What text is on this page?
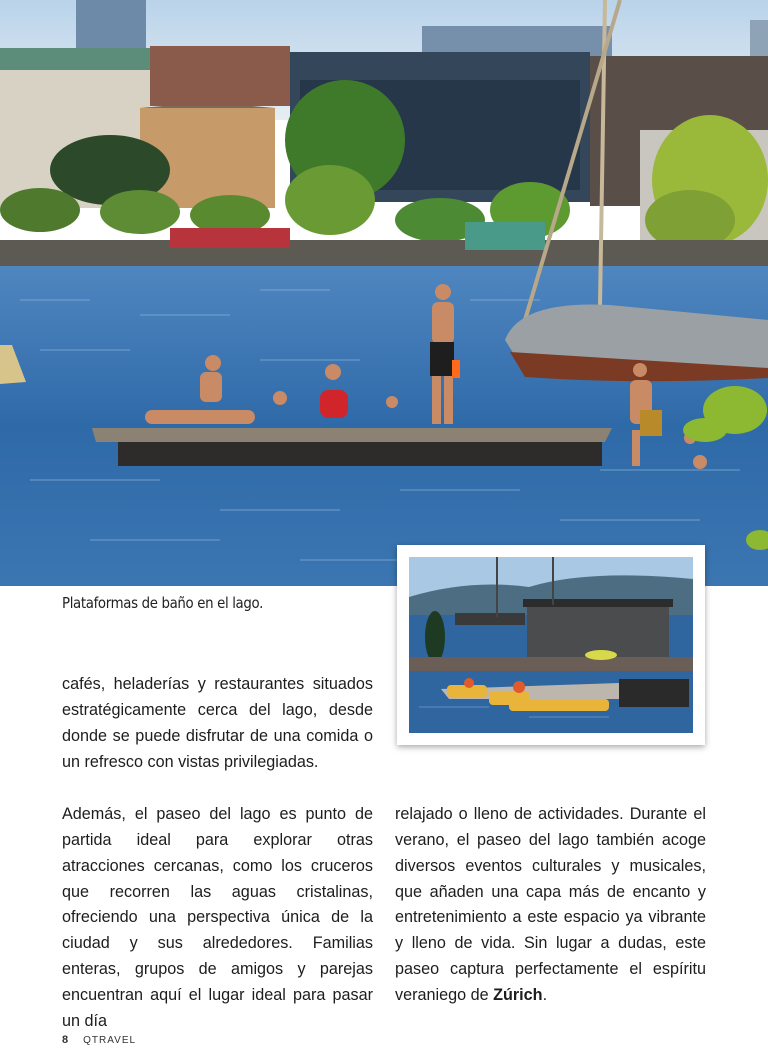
Plataformas de baño en el lago.

cafés, heladerías y restaurantes situados estratégicamente cerca del lago, desde donde se puede disfrutar de una comida o un refresco con vistas privilegiadas.

Además, el paseo del lago es punto de partida ideal para explorar otras atracciones cercanas, como los cruceros que recorren las aguas cristalinas, ofreciendo una perspectiva única de la ciudad y sus alrededores. Familias enteras, grupos de amigos y parejas encuentran aquí el lugar ideal para pasar un día

relajado o lleno de actividades. Durante el verano, el paseo del lago también acoge diversos eventos culturales y musicales, que añaden una capa más de encanto y entretenimiento a este espacio ya vibrante y lleno de vida. Sin lugar a dudas, este paseo captura perfectamente el espíritu veraniego de Zúrich.

8 QTRAVEL
